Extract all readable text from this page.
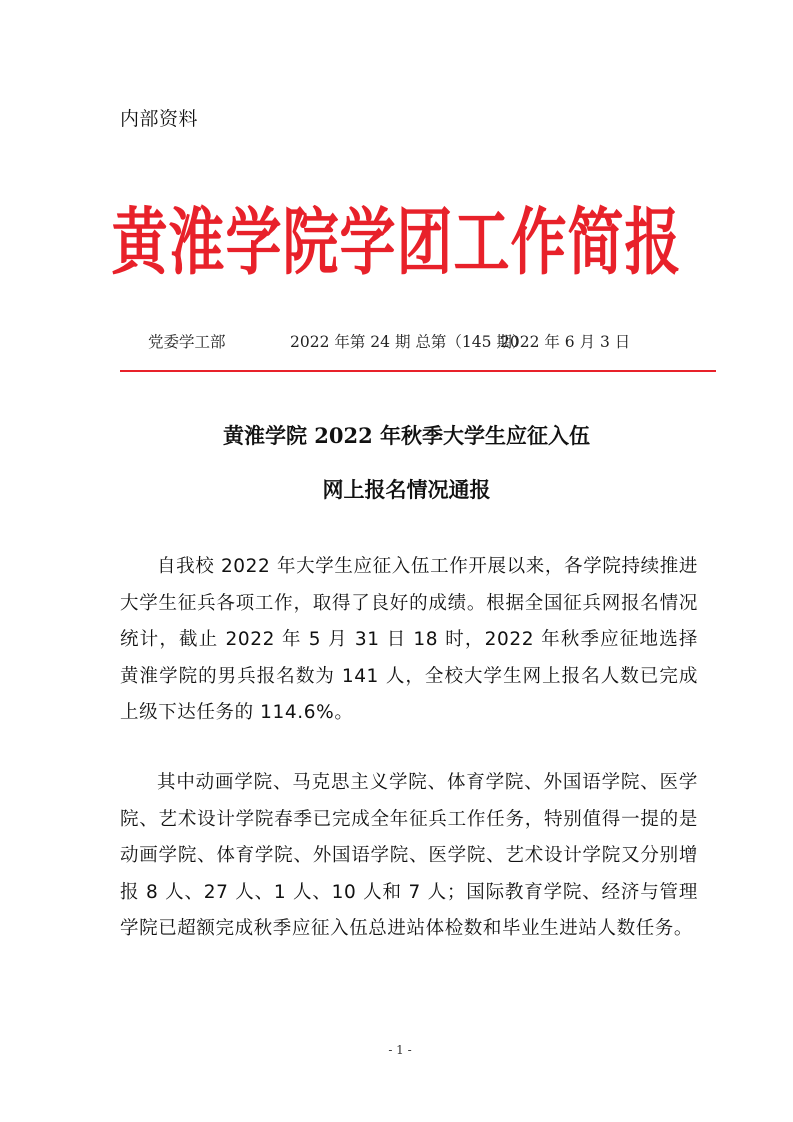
内部资料
黄淮学院学团工作简报
党委学工部	2022 年第 24 期 总第（145 期）2022 年 6 月 3 日
黄淮学院 2022 年秋季大学生应征入伍
网上报名情况通报
自我校 2022 年大学生应征入伍工作开展以来，各学院持续推进大学生征兵各项工作，取得了良好的成绩。根据全国征兵网报名情况统计，截止 2022 年 5 月 31 日 18 时，2022 年秋季应征地选择黄淮学院的男兵报名数为 141 人，全校大学生网上报名人数已完成上级下达任务的 114.6%。
其中动画学院、马克思主义学院、体育学院、外国语学院、医学院、艺术设计学院春季已完成全年征兵工作任务，特别值得一提的是动画学院、体育学院、外国语学院、医学院、艺术设计学院又分别增报 8 人、27 人、1 人、10 人和 7 人；国际教育学院、经济与管理学院已超额完成秋季应征入伍总进站体检数和毕业生进站人数任务。
- 1 -
